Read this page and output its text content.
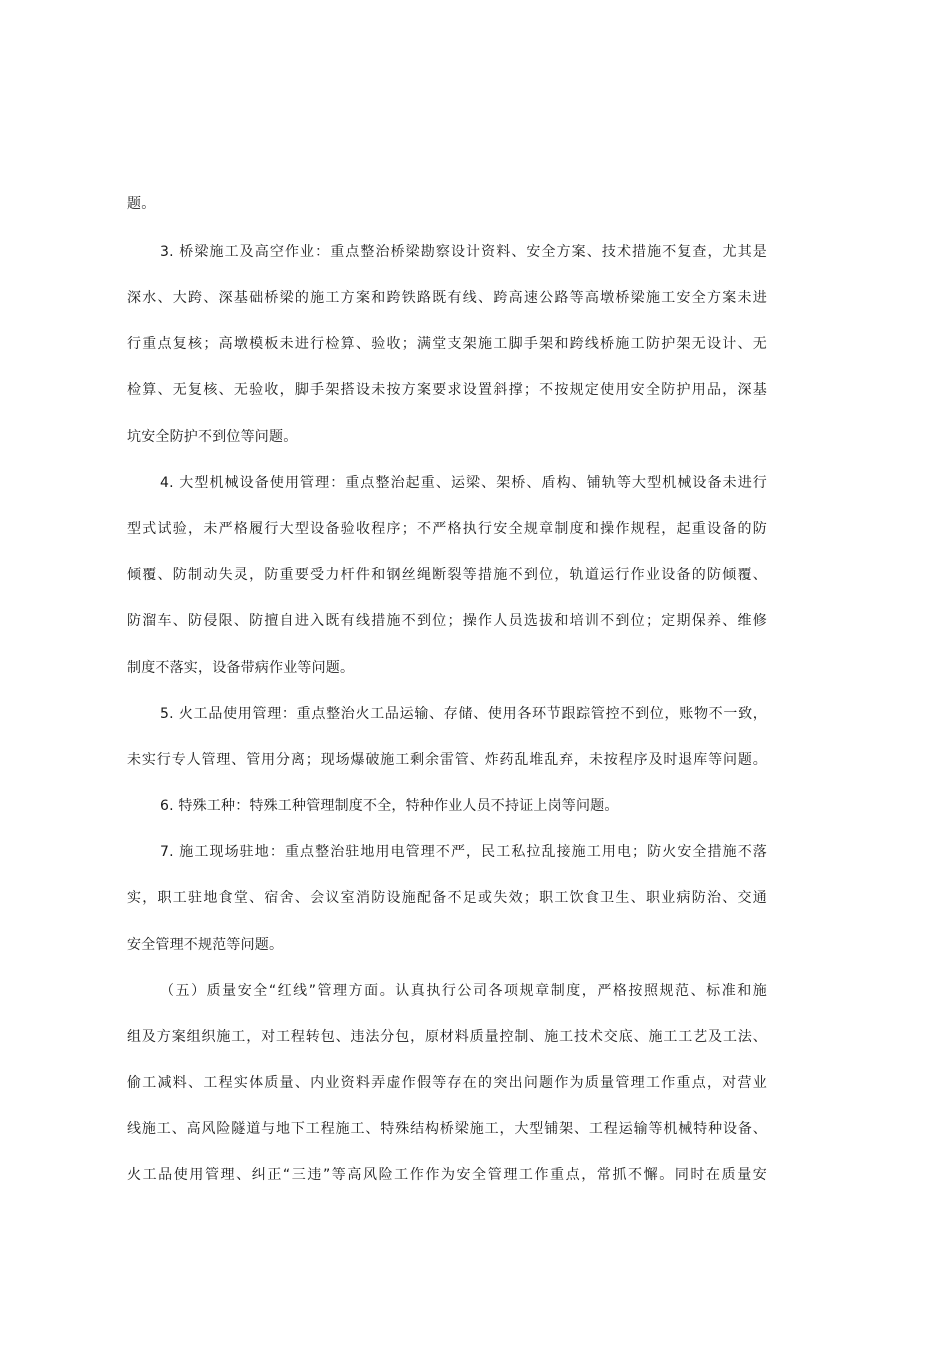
题。
3. 桥梁施工及高空作业：重点整治桥梁勘察设计资料、安全方案、技术措施不复查，尤其是
深水、大跨、深基础桥梁的施工方案和跨铁路既有线、跨高速公路等高墩桥梁施工安全方案未进
行重点复核；高墩模板未进行检算、验收；满堂支架施工脚手架和跨线桥施工防护架无设计、无
检算、无复核、无验收，脚手架搭设未按方案要求设置斜撑；不按规定使用安全防护用品，深基
坑安全防护不到位等问题。
4. 大型机械设备使用管理：重点整治起重、运梁、架桥、盾构、铺轨等大型机械设备未进行
型式试验，未严格履行大型设备验收程序；不严格执行安全规章制度和操作规程，起重设备的防
倾覆、防制动失灵，防重要受力杆件和钢丝绳断裂等措施不到位，轨道运行作业设备的防倾覆、
防溜车、防侵限、防擅自进入既有线措施不到位；操作人员选拔和培训不到位；定期保养、维修
制度不落实，设备带病作业等问题。
5. 火工品使用管理：重点整治火工品运输、存储、使用各环节跟踪管控不到位，账物不一致，
未实行专人管理、管用分离；现场爆破施工剩余雷管、炸药乱堆乱弃，未按程序及时退库等问题。
6. 特殊工种：特殊工种管理制度不全，特种作业人员不持证上岗等问题。
7. 施工现场驻地：重点整治驻地用电管理不严，民工私拉乱接施工用电；防火安全措施不落
实，职工驻地食堂、宿舍、会议室消防设施配备不足或失效；职工饮食卫生、职业病防治、交通
安全管理不规范等问题。
（五）质量安全“红线”管理方面。认真执行公司各项规章制度，严格按照规范、标准和施
组及方案组织施工，对工程转包、违法分包，原材料质量控制、施工技术交底、施工工艺及工法、
偷工减料、工程实体质量、内业资料弄虚作假等存在的突出问题作为质量管理工作重点，对营业
线施工、高风险隧道与地下工程施工、特殊结构桥梁施工，大型铺架、工程运输等机械特种设备、
火工品使用管理、纠正“三违”等高风险工作作为安全管理工作重点，常抓不懈。同时在质量安
